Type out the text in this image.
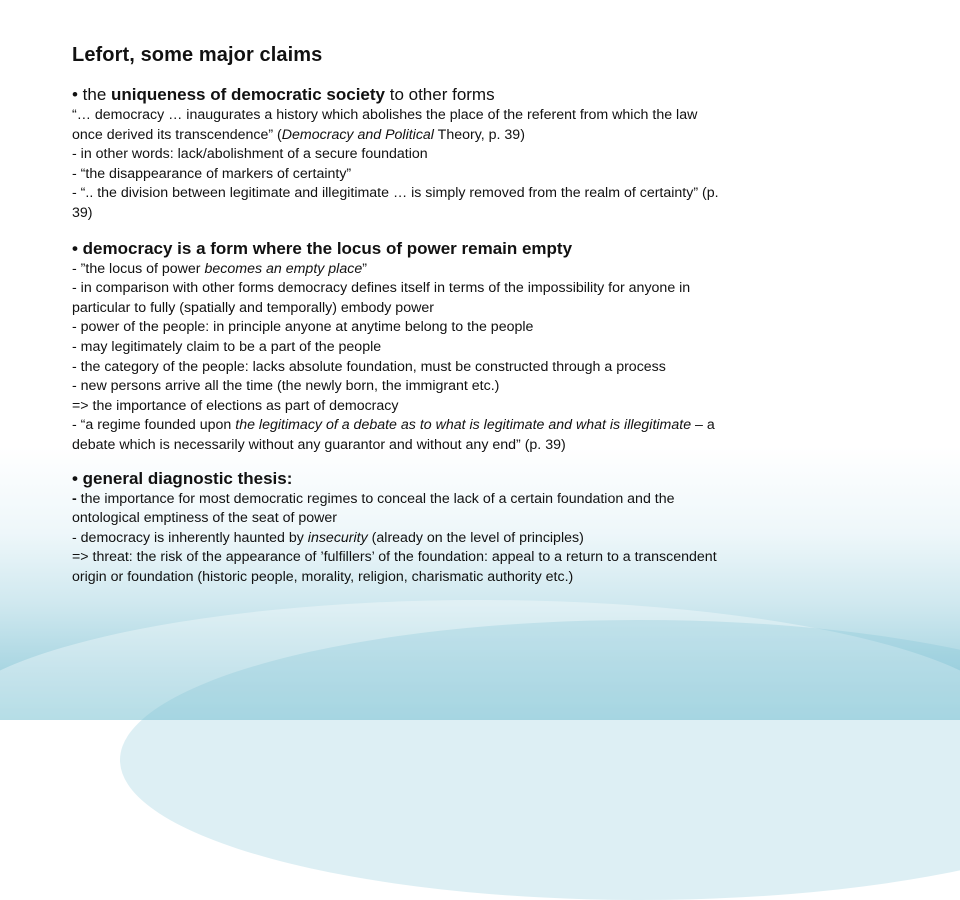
Lefort, some major claims

• the uniqueness of democratic society to other forms

“… democracy … inaugurates a history which abolishes the place of the referent from which the law

once derived its transcendence” (Democracy and Political Theory, p. 39)

- in other words: lack/abolishment of a secure foundation

- “the disappearance of markers of certainty”

- “.. the division between legitimate and illegitimate … is simply removed from the realm of certainty” (p.

39)

• democracy is a form where the locus of power remain empty

- ”the locus of power becomes an empty place”

- in comparison with other forms democracy defines itself in terms of the impossibility for anyone in

particular to fully (spatially and temporally) embody power

- power of the people: in principle anyone at anytime belong to the people

- may legitimately claim to be a part of the people

- the category of the people: lacks absolute foundation, must be constructed through a process

- new persons arrive all the time (the newly born, the immigrant etc.)

=> the importance of elections as part of democracy

- “a regime founded upon the legitimacy of a debate as to what is legitimate and what is illegitimate – a

debate which is necessarily without any guarantor and without any end” (p. 39)

• general diagnostic thesis:

- the importance for most democratic regimes to conceal the lack of a certain foundation and the

ontological emptiness of the seat of power

- democracy is inherently haunted by insecurity (already on the level of principles)

=> threat: the risk of the appearance of ’fulfillers’ of the foundation: appeal to a return to a transcendent

origin or foundation (historic people, morality, religion, charismatic authority etc.)
